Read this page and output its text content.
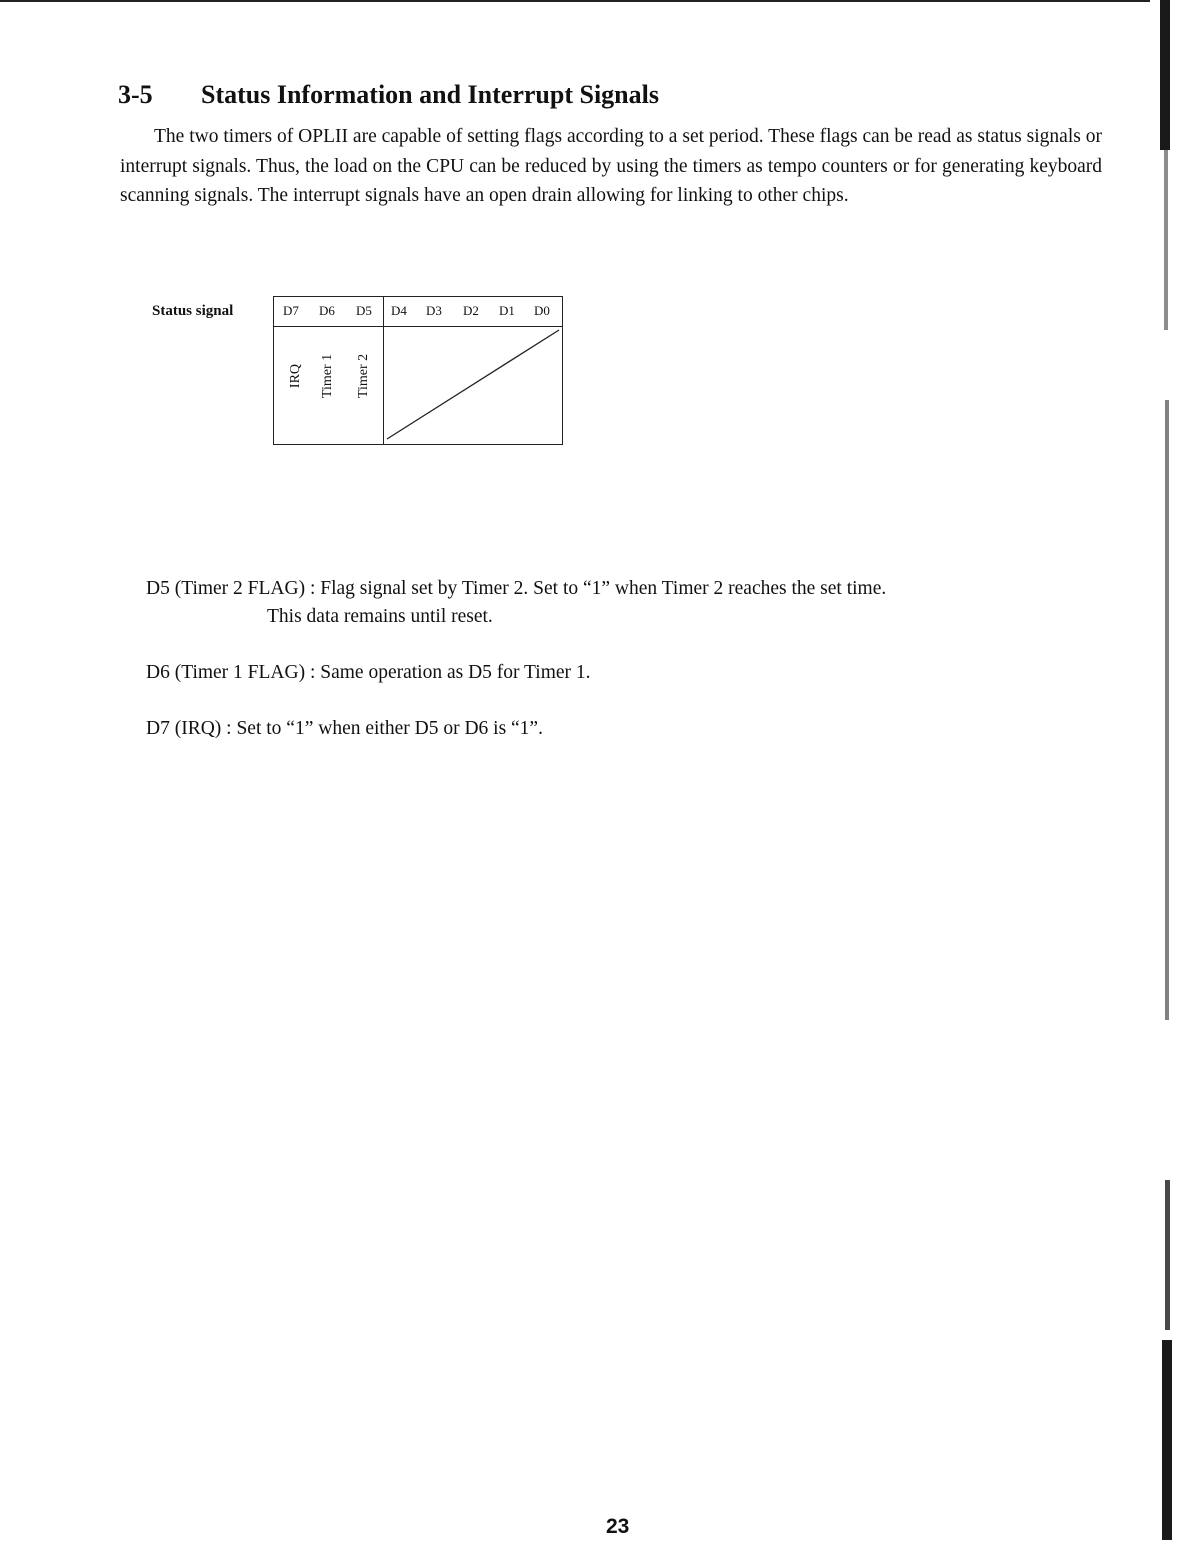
3-5 Status Information and Interrupt Signals

The two timers of OPLII are capable of setting flags according to a set period. These flags can be read as status signals or interrupt signals. Thus, the load on the CPU can be reduced by using the timers as tempo counters or for generating keyboard scanning signals. The interrupt signals have an open drain allowing for linking to other chips.

Status signal	D7 D6 D5 D4 D3 D2 D1 D0
IRQ Timer 1 Timer 2
D5 (Timer 2 FLAG) : Flag signal set by Timer 2. Set to “1” when Timer 2 reaches the set time.
This data remains until reset.
D6 (Timer 1 FLAG) : Same operation as D5 for Timer 1.
D7 (IRQ) : Set to “1” when either D5 or D6 is “1”.
23
